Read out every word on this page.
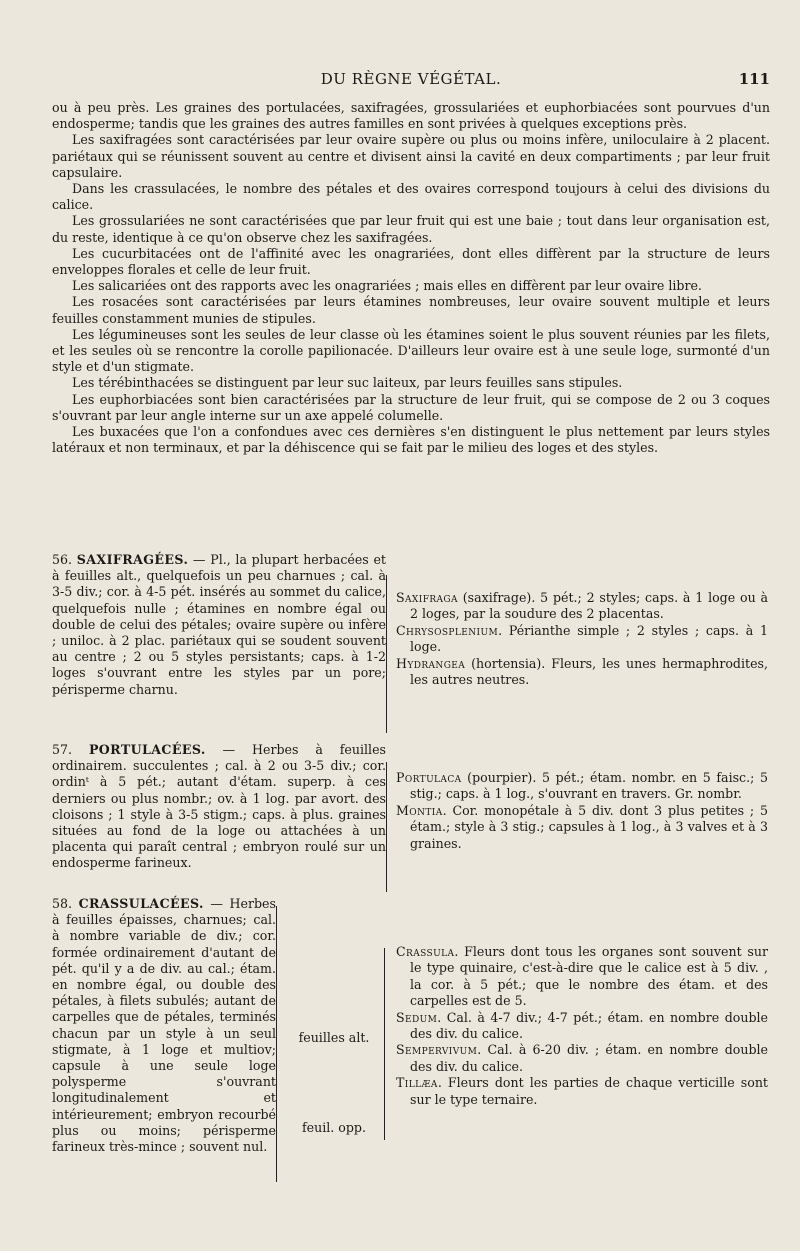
DU RÈGNE VÉGÉTAL.	111

ou à peu près. Les graines des portulacées, saxifragées, grossulariées et euphorbiacées sont pourvues d'un endosperme; tandis que les graines des autres familles en sont privées à quelques exceptions près.

Les saxifragées sont caractérisées par leur ovaire supère ou plus ou moins infère, uniloculaire à 2 placent. pariétaux qui se réunissent souvent au centre et divisent ainsi la cavité en deux compartiments ; par leur fruit capsulaire.

Dans les crassulacées, le nombre des pétales et des ovaires correspond toujours à celui des divisions du calice.

Les grossulariées ne sont caractérisées que par leur fruit qui est une baie ; tout dans leur organisation est, du reste, identique à ce qu'on observe chez les saxifragées.

Les cucurbitacées ont de l'affinité avec les onagrariées, dont elles diffèrent par la structure de leurs enveloppes florales et celle de leur fruit.

Les salicariées ont des rapports avec les onagrariées ; mais elles en diffèrent par leur ovaire libre.

Les rosacées sont caractérisées par leurs étamines nombreuses, leur ovaire souvent multiple et leurs feuilles constamment munies de stipules.

Les légumineuses sont les seules de leur classe où les étamines soient le plus souvent réunies par les filets, et les seules où se rencontre la corolle papilionacée. D'ailleurs leur ovaire est à une seule loge, surmonté d'un style et d'un stigmate.

Les térébinthacées se distinguent par leur suc laiteux, par leurs feuilles sans stipules.

Les euphorbiacées sont bien caractérisées par la structure de leur fruit, qui se compose de 2 ou 3 coques s'ouvrant par leur angle interne sur un axe appelé columelle.

Les buxacées que l'on a confondues avec ces dernières s'en distinguent le plus nettement par leurs styles latéraux et non terminaux, et par la déhiscence qui se fait par le milieu des loges et des styles.

56. SAXIFRAGÉES. — Pl., la plupart herbacées et à feuilles alt., quelquefois un peu charnues ; cal. à 3-5 div.; cor. à 4-5 pét. insérés au sommet du calice, quelquefois nulle ; étamines en nombre égal ou double de celui des pétales; ovaire supère ou infère ; uniloc. à 2 plac. pariétaux qui se soudent souvent au centre ; 2 ou 5 styles persistants; caps. à 1-2 loges s'ouvrant entre les styles par un pore; périsperme charnu.

Saxifraga (saxifrage). 5 pét.; 2 styles; caps. à 1 loge ou à 2 loges, par la soudure des 2 placentas.

Chrysosplenium. Périanthe simple ; 2 styles ; caps. à 1 loge.

Hydrangea (hortensia). Fleurs, les unes hermaphrodites, les autres neutres.

57. PORTULACÉES. — Herbes à feuilles ordinairem. succulentes ; cal. à 2 ou 3-5 div.; cor. ordinᵗ à 5 pét.; autant d'étam. superp. à ces derniers ou plus nombr.; ov. à 1 log. par avort. des cloisons ; 1 style à 3-5 stigm.; caps. à plus. graines situées au fond de la loge ou attachées à un placenta qui paraît central ; embryon roulé sur un endosperme farineux.

Portulaca (pourpier). 5 pét.; étam. nombr. en 5 faisc.; 5 stig.; caps. à 1 log., s'ouvrant en travers. Gr. nombr.

Montia. Cor. monopétale à 5 div. dont 3 plus petites ; 5 étam.; style à 3 stig.; capsules à 1 log., à 3 valves et à 3 graines.

58. CRASSULACÉES. — Herbes à feuilles épaisses, charnues; cal. à nombre variable de div.; cor. formée ordinairement d'autant de pét. qu'il y a de div. au cal.; étam. en nombre égal, ou double des pétales, à filets subulés; autant de carpelles que de pétales, terminés chacun par un style à un seul stigmate, à 1 loge et multiov; capsule à une seule loge polysperme s'ouvrant longitudinalement et intérieurement; embryon recourbé plus ou moins; périsperme farineux très-mince ; souvent nul.
feuilles alt.
feuil. opp.

Crassula. Fleurs dont tous les organes sont souvent sur le type quinaire, c'est-à-dire que le calice est à 5 div. , la cor. à 5 pét.; que le nombre des étam. et des carpelles est de 5.

Sedum. Cal. à 4-7 div.; 4-7 pét.; étam. en nombre double des div. du calice.

Sempervivum. Cal. à 6-20 div. ; étam. en nombre double des div. du calice.

Tillæa. Fleurs dont les parties de chaque verticille sont sur le type ternaire.
